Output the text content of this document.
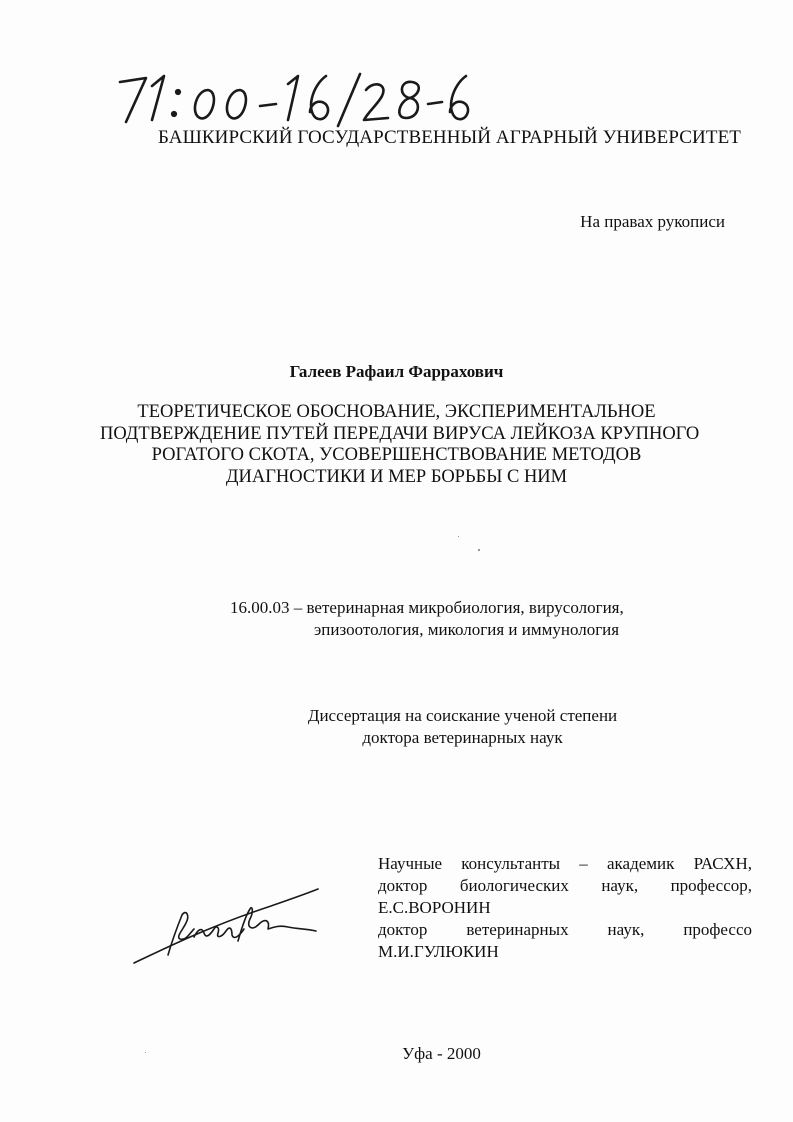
БАШКИРСКИЙ ГОСУДАРСТВЕННЫЙ АГРАРНЫЙ УНИВЕРСИТЕТ
На правах рукописи
Галеев Рафаил Фаррахович
ТЕОРЕТИЧЕСКОЕ ОБОСНОВАНИЕ, ЭКСПЕРИМЕНТАЛЬНОЕ
ПОДТВЕРЖДЕНИЕ ПУТЕЙ ПЕРЕДАЧИ ВИРУСА ЛЕЙКОЗА КРУПНОГО
РОГАТОГО СКОТА, УСОВЕРШЕНСТВОВАНИЕ МЕТОДОВ
ДИАГНОСТИКИ И МЕР БОРЬБЫ С НИМ
16.00.03 – ветеринарная микробиология, вирусология,
эпизоотология, микология и иммунология
Диссертация на соискание ученой степени
доктора ветеринарных наук
Научные консультанты – академик РАСХН,
доктор биологических наук, профессор,
Е.С.ВОРОНИН
доктор ветеринарных наук, профессо
М.И.ГУЛЮКИН
Уфа - 2000
